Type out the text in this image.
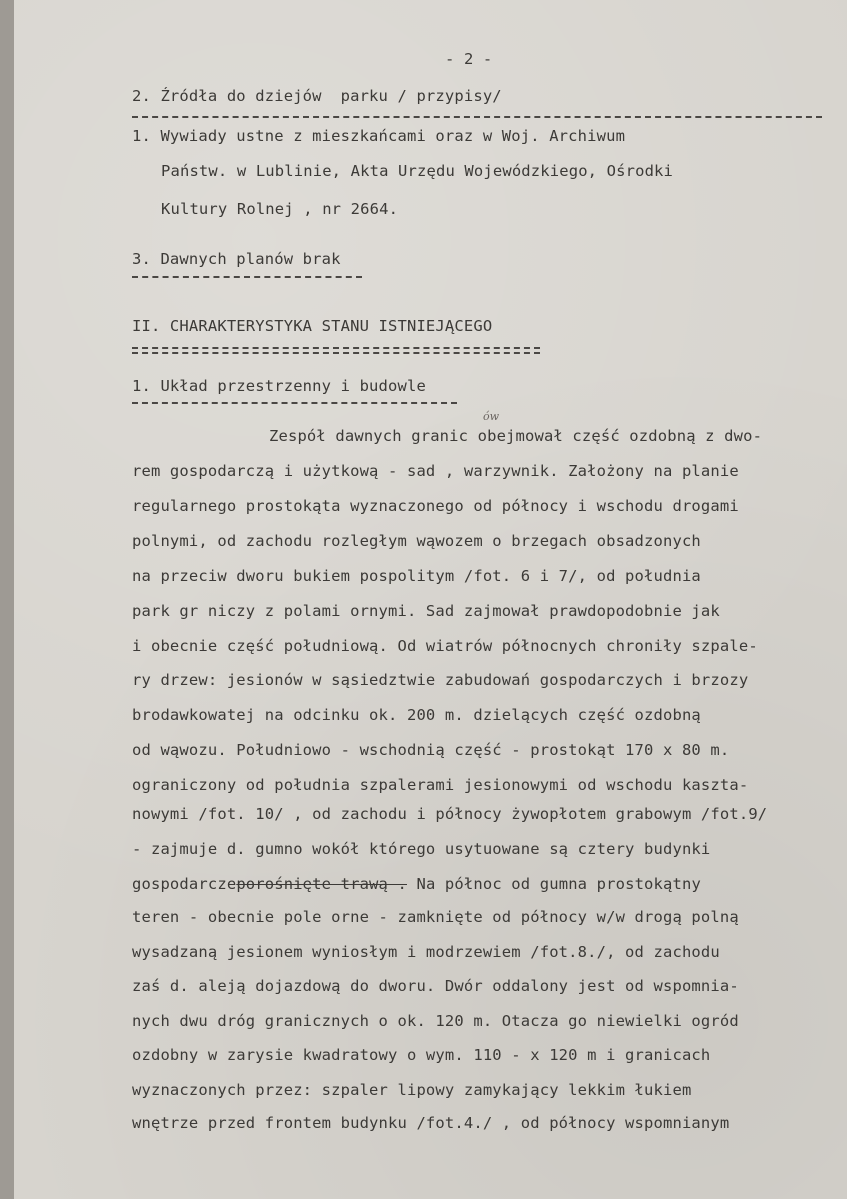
- 2 -
2. Źródła do dziejów  parku / przypisy/
1. Wywiady ustne z mieszkańcami oraz w Woj. Archiwum
Państw. w Lublinie, Akta Urzędu Wojewódzkiego, Ośrodki
Kultury Rolnej , nr 2664.
3. Dawnych planów brak
II. CHARAKTERYSTYKA STANU ISTNIEJĄCEGO
1. Układ przestrzenny i budowle
ów
Zespół dawnych granic obejmował część ozdobną z dwo-
rem gospodarczą i użytkową - sad , warzywnik. Założony na planie
regularnego prostokąta wyznaczonego od północy i wschodu drogami
polnymi, od zachodu rozległym wąwozem o brzegach obsadzonych
na przeciw dworu bukiem pospolitym /fot. 6 i 7/, od południa
park gr niczy z polami ornymi. Sad zajmował prawdopodobnie jak
i obecnie część południową. Od wiatrów północnych chroniły szpale-
ry drzew: jesionów w sąsiedztwie zabudowań gospodarczych i brzozy
brodawkowatej na odcinku ok. 200 m. dzielących część ozdobną
od wąwozu. Południowo - wschodnią część - prostokąt 170 x 80 m.
ograniczony od południa szpalerami jesionowymi od wschodu kaszta-
nowymi /fot. 10/ , od zachodu i północy żywopłotem grabowym /fot.9/
- zajmuje d. gumno wokół którego usytuowane są cztery budynki
gospodarczeporośnięte trawą . Na północ od gumna prostokątny
teren - obecnie pole orne - zamknięte od północy w/w drogą polną
wysadzaną jesionem wyniosłym i modrzewiem /fot.8./, od zachodu
zaś d. aleją dojazdową do dworu. Dwór oddalony jest od wspomnia-
nych dwu dróg granicznych o ok. 120 m. Otacza go niewielki ogród
ozdobny w zarysie kwadratowy o wym. 110 - x 120 m i granicach
wyznaczonych przez: szpaler lipowy zamykający lekkim łukiem
wnętrze przed frontem budynku /fot.4./ , od północy wspomnianym
